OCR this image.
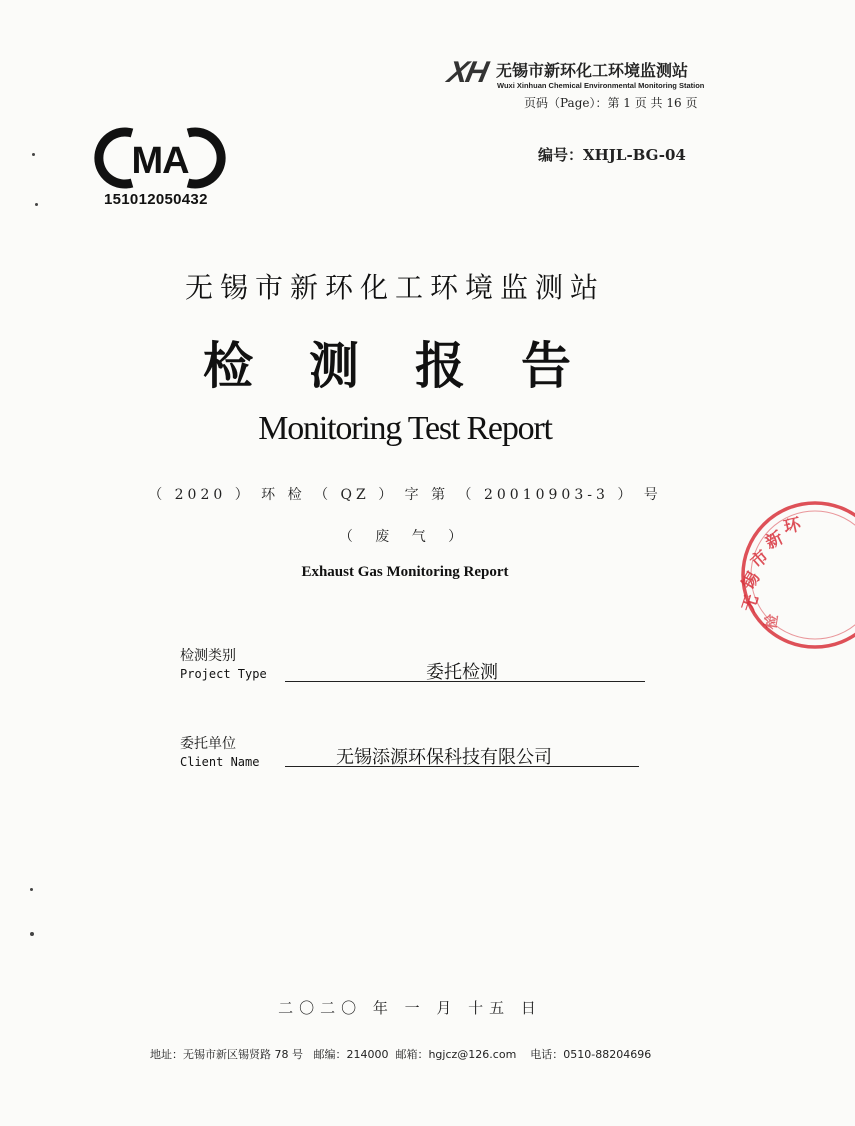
XH 无锡市新环化工环境监测站
Wuxi Xinhuan Chemical Environmental Monitoring Station
页码（Page）：第 1 页 共 16 页
编号：XHJL-BG-04
MA
151012050432
无锡市新环化工环境监测站
检测报告
Monitoring Test Report
（ 2020 ） 环 检 （ QZ ） 字 第 （ 20010903-3 ） 号
（ 废 气 ）
Exhaust Gas Monitoring Report
检测类别
Project Type	委托检测
委托单位
Client Name	无锡添源环保科技有限公司
二〇二〇 年 一 月 十五 日
地址：无锡市新区锡贤路 78 号   邮编：214000  邮箱：hgjcz@126.com    电话：0510-88204696
无
锡
市
新
环
检
